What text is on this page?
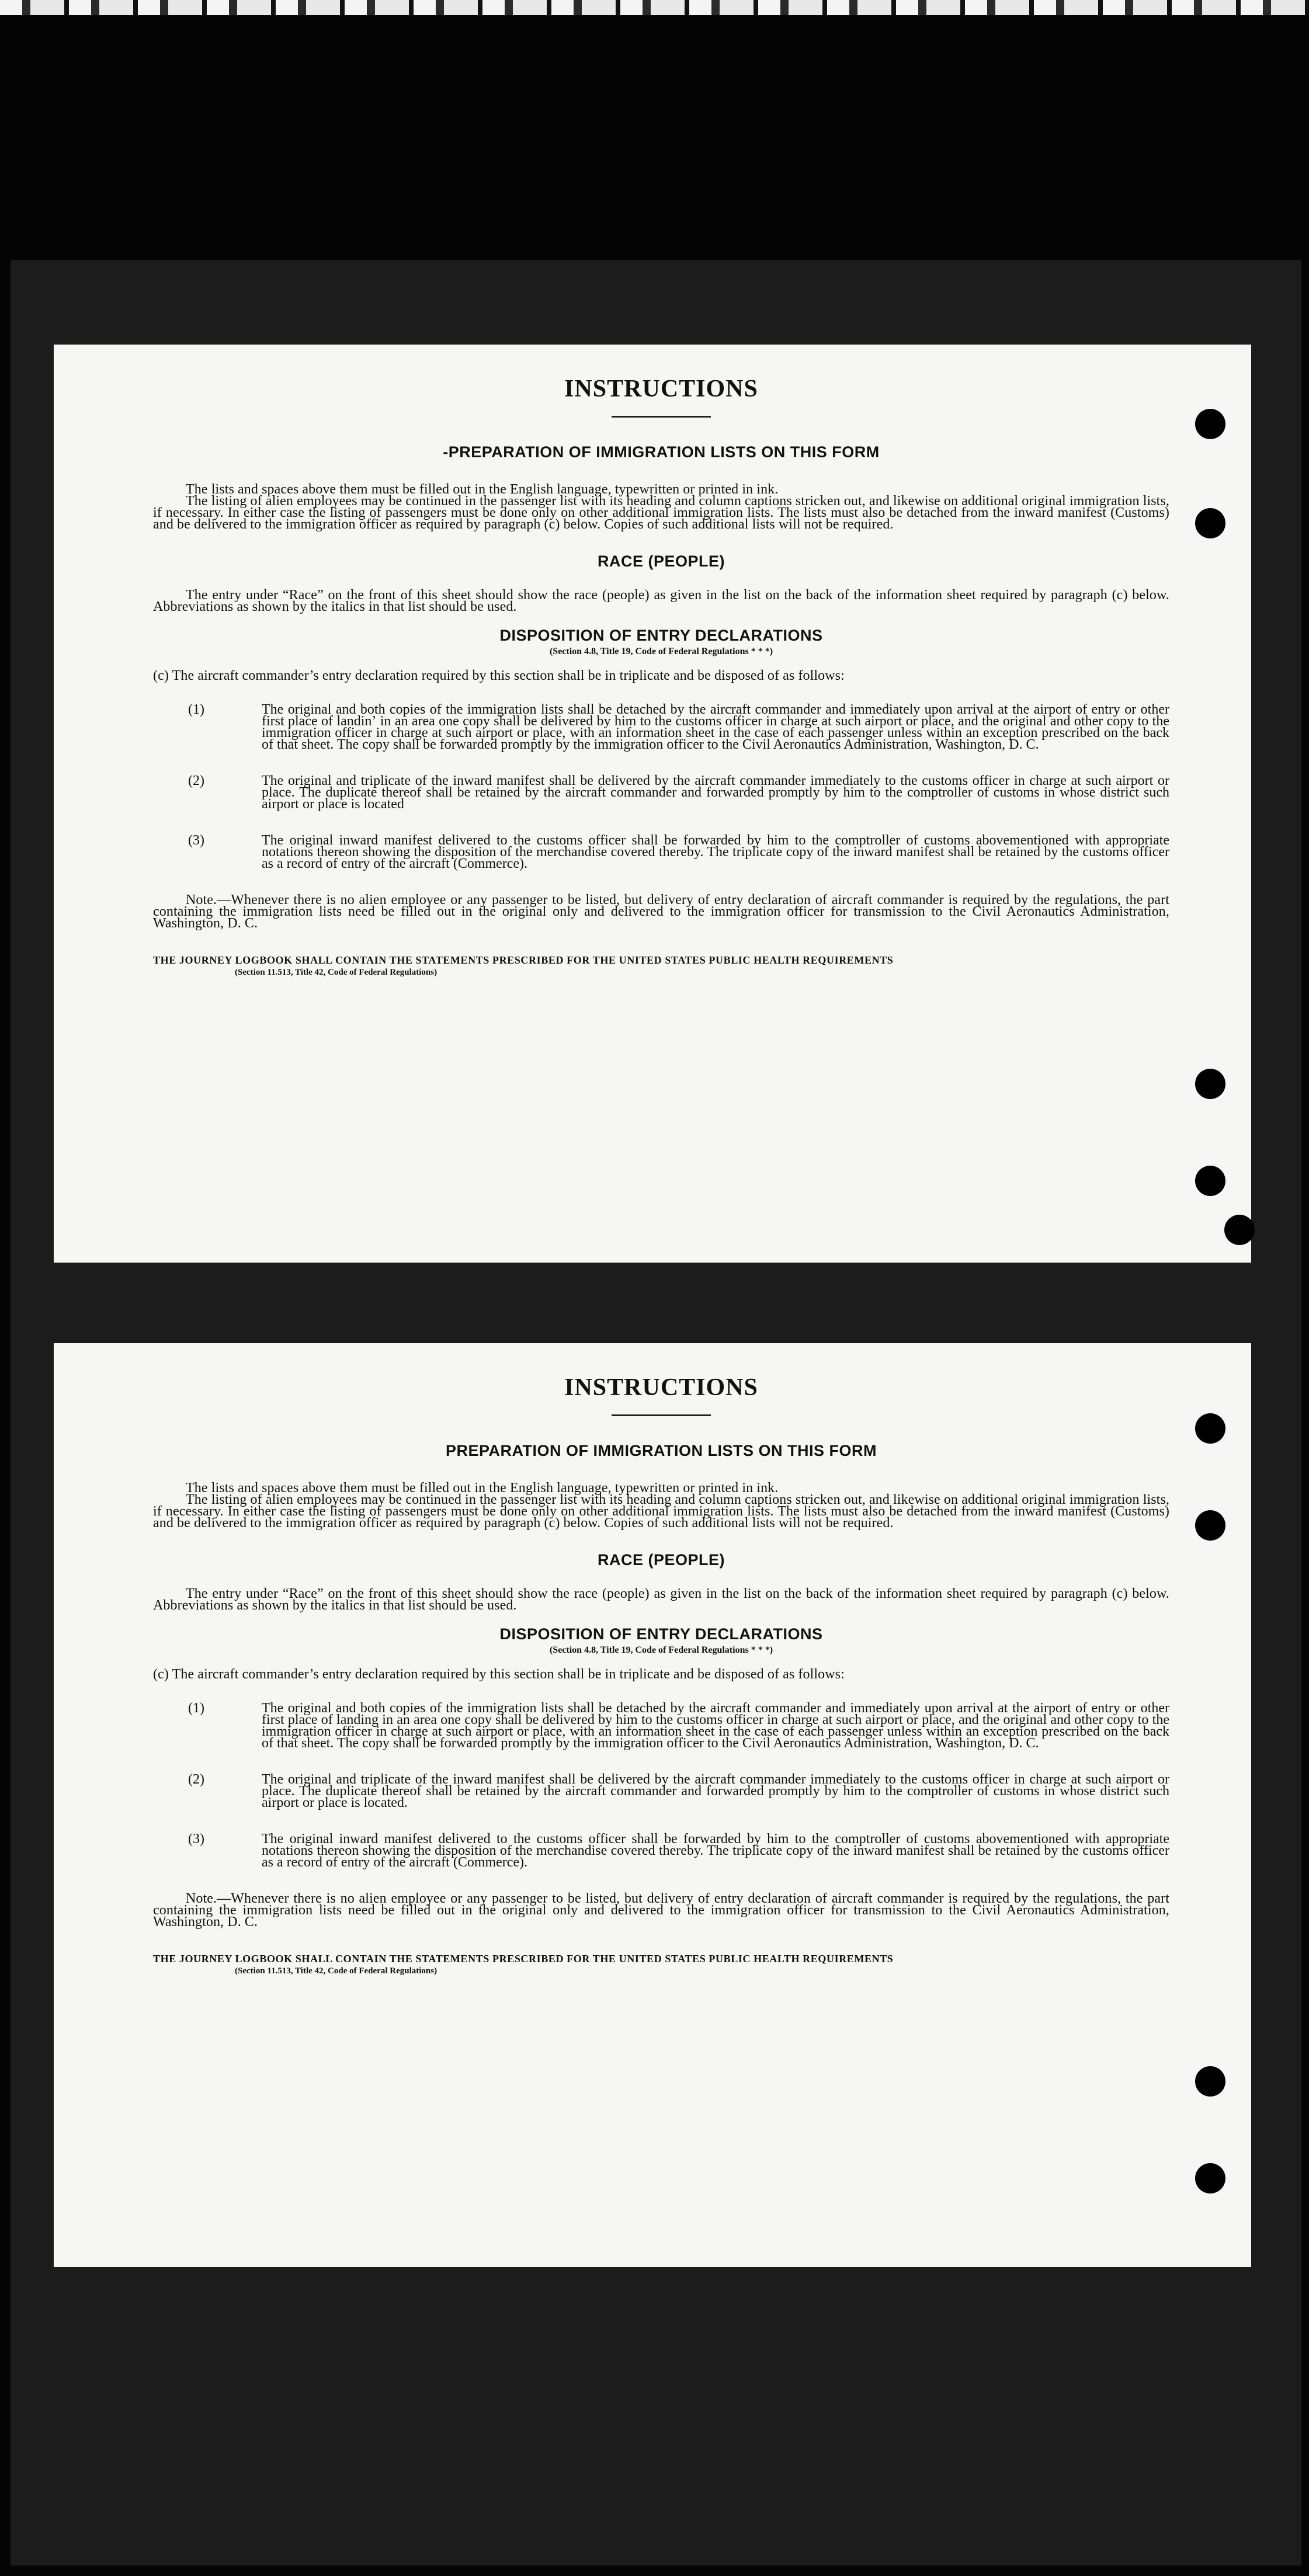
INSTRUCTIONS
-PREPARATION OF IMMIGRATION LISTS ON THIS FORM

The lists and spaces above them must be filled out in the English language, typewritten or printed in ink.

The listing of alien employees may be continued in the passenger list with its heading and column captions stricken out, and likewise on additional original immigration lists, if necessary. In either case the listing of passengers must be done only on other additional immigration lists. The lists must also be detached from the inward manifest (Customs) and be delivered to the immigration officer as required by paragraph (c) below. Copies of such additional lists will not be required.

RACE (PEOPLE)

The entry under “Race” on the front of this sheet should show the race (people) as given in the list on the back of the information sheet required by paragraph (c) below. Abbreviations as shown by the italics in that list should be used.

DISPOSITION OF ENTRY DECLARATIONS
(Section 4.8, Title 19, Code of Federal Regulations * * *)

(c) The aircraft commander’s entry declaration required by this section shall be in triplicate and be disposed of as follows:

(1)	The original and both copies of the immigration lists shall be detached by the aircraft commander and immediately upon arrival at the airport of entry or other first place of landinʼ in an area one copy shall be delivered by him to the customs officer in charge at such airport or place, and the original and other copy to the immigration officer in charge at such airport or place, with an information sheet in the case of each passenger unless within an exception prescribed on the back of that sheet. The copy shall be forwarded promptly by the immigration officer to the Civil Aeronautics Administration, Washington, D. C.
(2)	The original and triplicate of the inward manifest shall be delivered by the aircraft commander immediately to the customs officer in charge at such airport or place. The duplicate thereof shall be retained by the aircraft commander and forwarded promptly by him to the comptroller of customs in whose district such airport or place is located
(3)	The original inward manifest delivered to the customs officer shall be forwarded by him to the comptroller of customs abovementioned with appropriate notations thereon showing the disposition of the merchandise covered thereby. The triplicate copy of the inward manifest shall be retained by the customs officer as a record of entry of the aircraft (Commerce).

Note.—Whenever there is no alien employee or any passenger to be listed, but delivery of entry declaration of aircraft commander is required by the regulations, the part containing the immigration lists need be filled out in the original only and delivered to the immigration officer for transmission to the Civil Aeronautics Administration, Washington, D. C.

THE JOURNEY LOGBOOK SHALL CONTAIN THE STATEMENTS PRESCRIBED FOR THE UNITED STATES PUBLIC HEALTH REQUIREMENTS
(Section 11.513, Title 42, Code of Federal Regulations)
INSTRUCTIONS
PREPARATION OF IMMIGRATION LISTS ON THIS FORM

The lists and spaces above them must be filled out in the English language, typewritten or printed in ink.

The listing of alien employees may be continued in the passenger list with its heading and column captions stricken out, and likewise on additional original immigration lists, if necessary. In either case the listing of passengers must be done only on other additional immigration lists. The lists must also be detached from the inward manifest (Customs) and be delivered to the immigration officer as required by paragraph (c) below. Copies of such additional lists will not be required.

RACE (PEOPLE)

The entry under “Race” on the front of this sheet should show the race (people) as given in the list on the back of the information sheet required by paragraph (c) below. Abbreviations as shown by the italics in that list should be used.

DISPOSITION OF ENTRY DECLARATIONS
(Section 4.8, Title 19, Code of Federal Regulations * * *)

(c) The aircraft commander’s entry declaration required by this section shall be in triplicate and be disposed of as follows:

(1)	The original and both copies of the immigration lists shall be detached by the aircraft commander and immediately upon arrival at the airport of entry or other first place of landing in an area one copy shall be delivered by him to the customs officer in charge at such airport or place, and the original and other copy to the immigration officer in charge at such airport or place, with an information sheet in the case of each passenger unless within an exception prescribed on the back of that sheet. The copy shall be forwarded promptly by the immigration officer to the Civil Aeronautics Administration, Washington, D. C.
(2)	The original and triplicate of the inward manifest shall be delivered by the aircraft commander immediately to the customs officer in charge at such airport or place. The duplicate thereof shall be retained by the aircraft commander and forwarded promptly by him to the comptroller of customs in whose district such airport or place is located.
(3)	The original inward manifest delivered to the customs officer shall be forwarded by him to the comptroller of customs abovementioned with appropriate notations thereon showing the disposition of the merchandise covered thereby. The triplicate copy of the inward manifest shall be retained by the customs officer as a record of entry of the aircraft (Commerce).

Note.—Whenever there is no alien employee or any passenger to be listed, but delivery of entry declaration of aircraft commander is required by the regulations, the part containing the immigration lists need be filled out in the original only and delivered to the immigration officer for transmission to the Civil Aeronautics Administration, Washington, D. C.

THE JOURNEY LOGBOOK SHALL CONTAIN THE STATEMENTS PRESCRIBED FOR THE UNITED STATES PUBLIC HEALTH REQUIREMENTS
(Section 11.513, Title 42, Code of Federal Regulations)
